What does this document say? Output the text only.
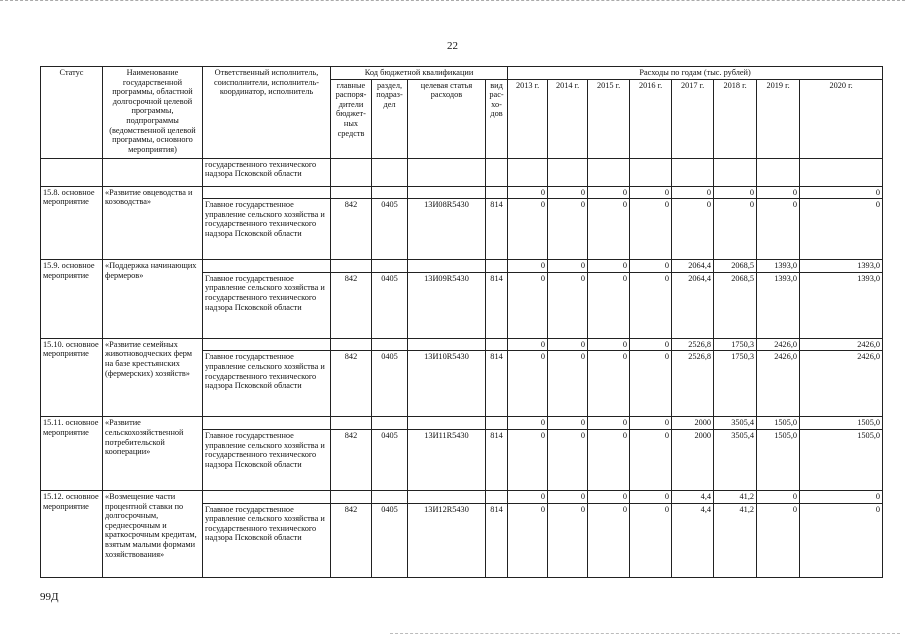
22
Статус	Наименование государственной программы, областной долгосрочной целевой программы, подпрограммы (ведомственной целевой программы, основного мероприятия)	Ответственный исполнитель, соисполнители, исполнитель-координатор, исполнитель	Код бюджетной квалификации				Расходы по годам (тыс. рублей)							
			главные распоря- дители бюджет- ных средств	раздел, подраз- дел	целевая статья расходов	вид рас- хо- дов	2013 г.	2014 г.	2015 г.	2016 г.	2017 г.	2018 г.	2019 г.	2020 г.
		государственного технического надзора Псковской области												
15.8. основное мероприятие	«Развитие овцеводства и козоводства»						0	0	0	0	0	0	0	0
		Главное государственное управление сельского хозяйства и государственного технического надзора Псковской области	842	0405	13И08R5430	814	0	0	0	0	0	0	0	0
15.9. основное мероприятие	«Поддержка начинающих фермеров»						0	0	0	0	2064,4	2068,5	1393,0	1393,0
		Главное государственное управление сельского хозяйства и государственного технического надзора Псковской области	842	0405	13И09R5430	814	0	0	0	0	2064,4	2068,5	1393,0	1393,0
15.10. основное мероприятие	«Развитие семейных животноводческих ферм на базе крестьянских (фермерских) хозяйств»						0	0	0	0	2526,8	1750,3	2426,0	2426,0
		Главное государственное управление сельского хозяйства и государственного технического надзора Псковской области	842	0405	13И10R5430	814	0	0	0	0	2526,8	1750,3	2426,0	2426,0
15.11. основное мероприятие	«Развитие сельскохозяйственной потребительской кооперации»						0	0	0	0	2000	3505,4	1505,0	1505,0
		Главное государственное управление сельского хозяйства и государственного технического надзора Псковской области	842	0405	13И11R5430	814	0	0	0	0	2000	3505,4	1505,0	1505,0
15.12. основное мероприятие	«Возмещение части процентной ставки по долгосрочным, среднесрочным и краткосрочным кредитам, взятым малыми формами хозяйствования»						0	0	0	0	4,4	41,2	0	0
		Главное государственное управление сельского хозяйства и государственного технического надзора Псковской области	842	0405	13И12R5430	814	0	0	0	0	4,4	41,2	0	0
99Д
